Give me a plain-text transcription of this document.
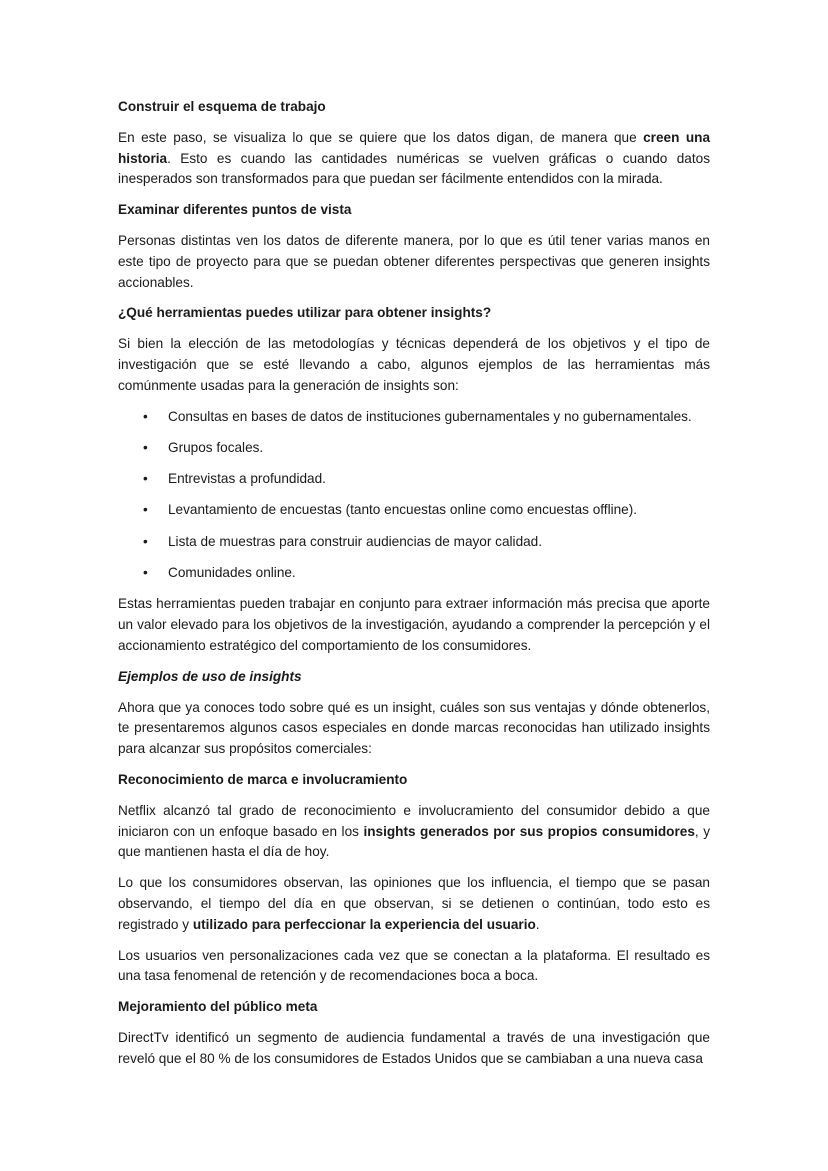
Construir el esquema de trabajo

En este paso, se visualiza lo que se quiere que los datos digan, de manera que creen una historia. Esto es cuando las cantidades numéricas se vuelven gráficas o cuando datos inesperados son transformados para que puedan ser fácilmente entendidos con la mirada.

Examinar diferentes puntos de vista

Personas distintas ven los datos de diferente manera, por lo que es útil tener varias manos en este tipo de proyecto para que se puedan obtener diferentes perspectivas que generen insights accionables.

¿Qué herramientas puedes utilizar para obtener insights?

Si bien la elección de las metodologías y técnicas dependerá de los objetivos y el tipo de investigación que se esté llevando a cabo, algunos ejemplos de las herramientas más comúnmente usadas para la generación de insights son:

• Consultas en bases de datos de instituciones gubernamentales y no gubernamentales.
• Grupos focales.
• Entrevistas a profundidad.
• Levantamiento de encuestas (tanto encuestas online como encuestas offline).
• Lista de muestras para construir audiencias de mayor calidad.
• Comunidades online.

Estas herramientas pueden trabajar en conjunto para extraer información más precisa que aporte un valor elevado para los objetivos de la investigación, ayudando a comprender la percepción y el accionamiento estratégico del comportamiento de los consumidores.

Ejemplos de uso de insights

Ahora que ya conoces todo sobre qué es un insight, cuáles son sus ventajas y dónde obtenerlos, te presentaremos algunos casos especiales en donde marcas reconocidas han utilizado insights para alcanzar sus propósitos comerciales:

Reconocimiento de marca e involucramiento

Netflix alcanzó tal grado de reconocimiento e involucramiento del consumidor debido a que iniciaron con un enfoque basado en los insights generados por sus propios consumidores, y que mantienen hasta el día de hoy.

Lo que los consumidores observan, las opiniones que los influencia, el tiempo que se pasan observando, el tiempo del día en que observan, si se detienen o continúan, todo esto es registrado y utilizado para perfeccionar la experiencia del usuario.

Los usuarios ven personalizaciones cada vez que se conectan a la plataforma. El resultado es una tasa fenomenal de retención y de recomendaciones boca a boca.

Mejoramiento del público meta

DirectTv identificó un segmento de audiencia fundamental a través de una investigación que reveló que el 80 % de los consumidores de Estados Unidos que se cambiaban a una nueva casa
